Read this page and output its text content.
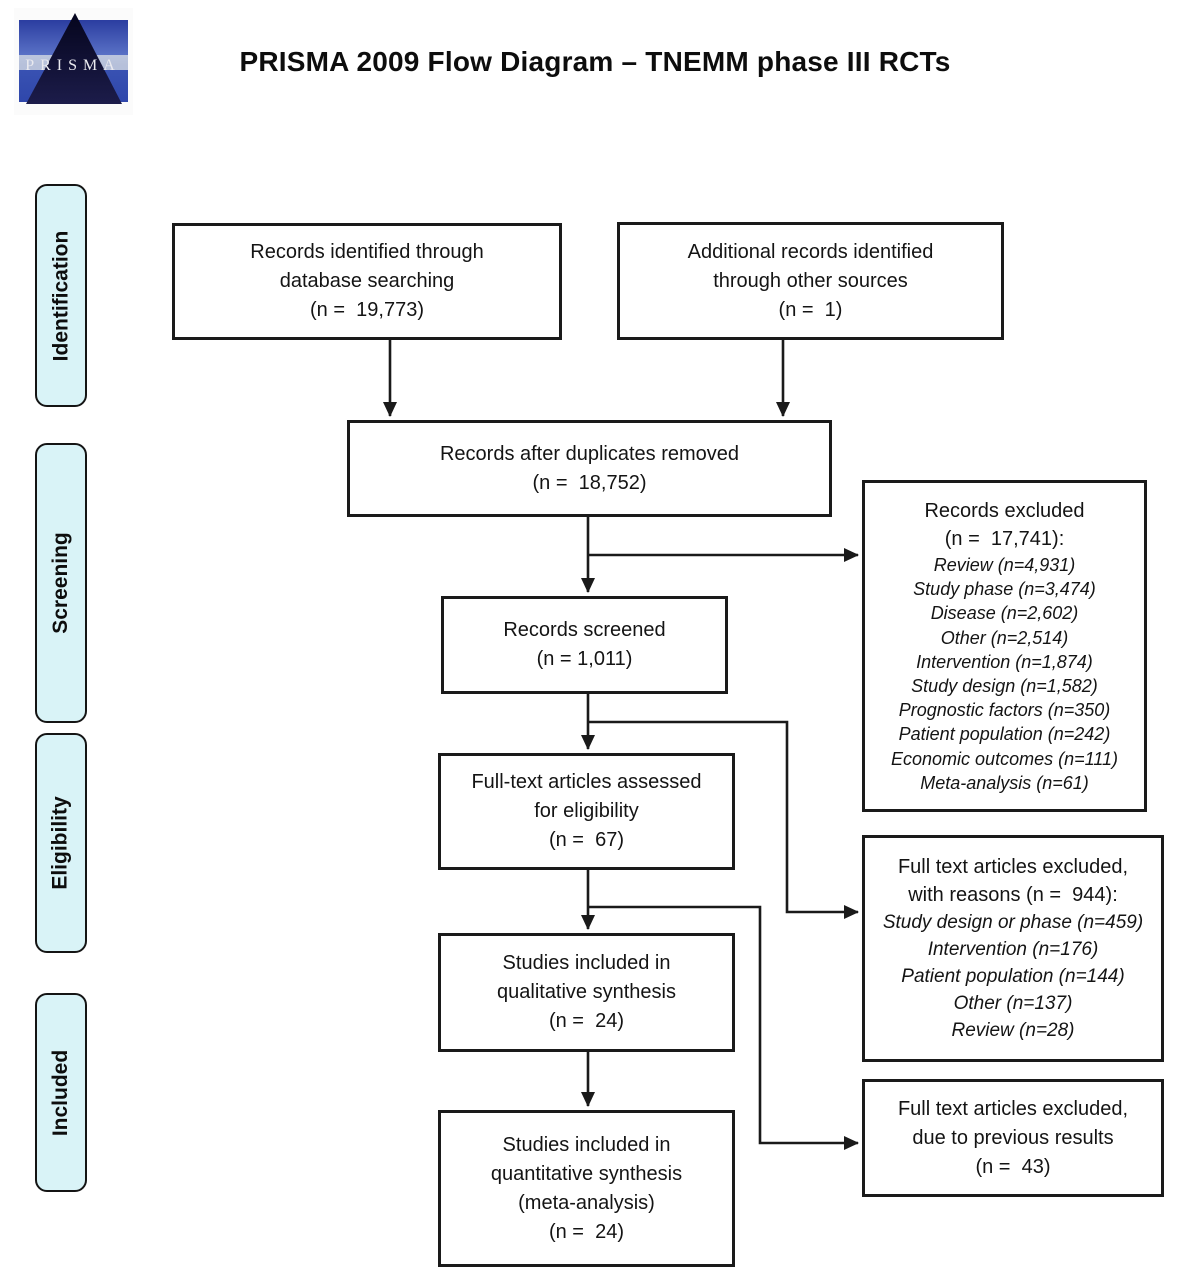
PRISMA	PRISMA 2009 Flow Diagram – TNEMM phase III RCTs
Identification
Screening
Eligibility
Included
Records identified through
database searching
(n =  19,773)
Additional records identified
through other sources
(n =  1)
Records after duplicates removed
(n =  18,752)
Records screened
(n = 1,011)
Full-text articles assessed
for eligibility
(n =  67)
Studies included in
qualitative synthesis
(n =  24)
Studies included in
quantitative synthesis
(meta-analysis)
(n =  24)
Records excluded
(n =  17,741):
Review (n=4,931)
Study phase (n=3,474)
Disease (n=2,602)
Other (n=2,514)
Intervention (n=1,874)
Study design (n=1,582)
Prognostic factors (n=350)
Patient population (n=242)
Economic outcomes (n=111)
Meta-analysis (n=61)
Full text articles excluded,
with reasons (n =  944):
Study design or phase (n=459)
Intervention (n=176)
Patient population (n=144)
Other (n=137)
Review (n=28)
Full text articles excluded,
due to previous results
(n =  43)
